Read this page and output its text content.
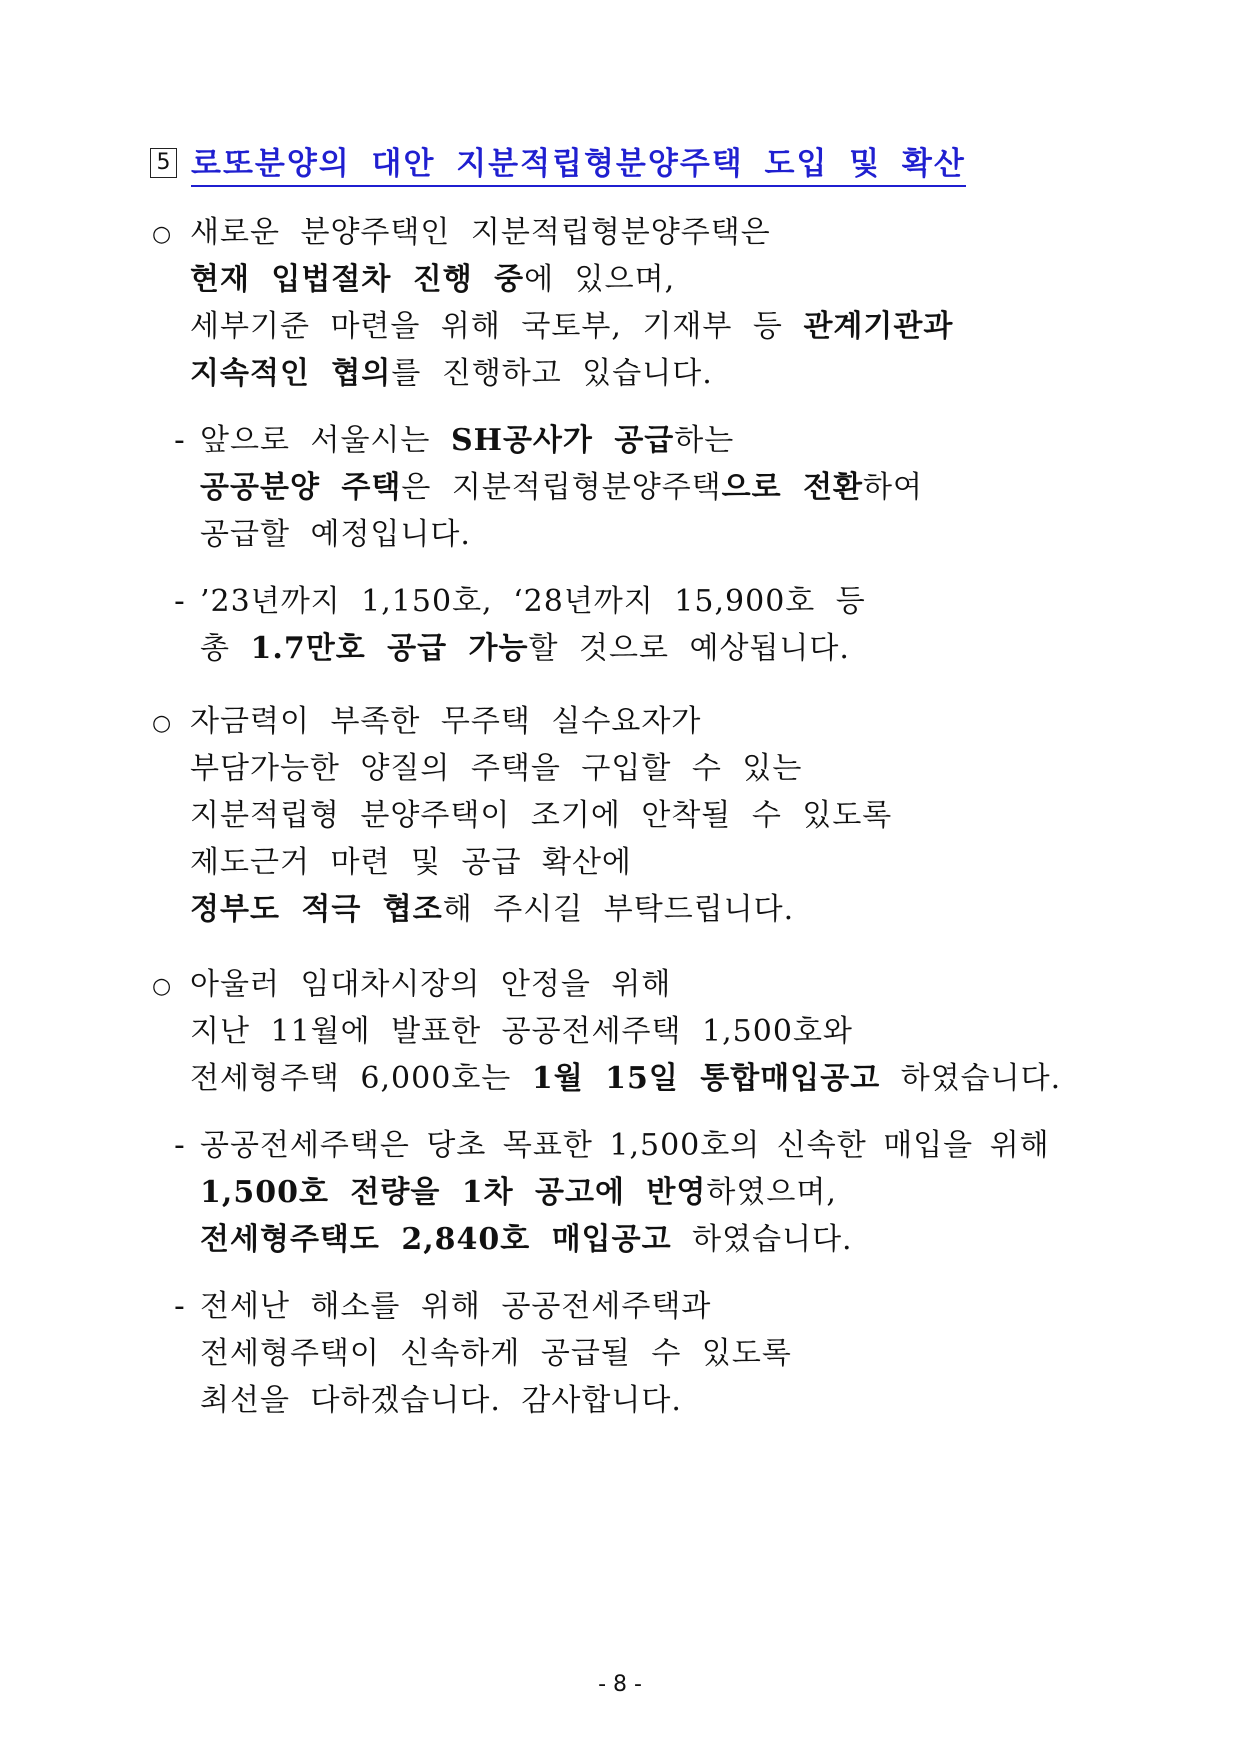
5 로또분양의 대안 지분적립형분양주택 도입 및 확산
○ 새로운 분양주택인 지분적립형분양주택은
현재 입법절차 진행 중에 있으며,
세부기준 마련을 위해 국토부, 기재부 등 관계기관과
지속적인 협의를 진행하고 있습니다.
- 앞으로 서울시는 SH공사가 공급하는
공공분양 주택은 지분적립형분양주택으로 전환하여
공급할 예정입니다.
- ’23년까지 1,150호, ‘28년까지 15,900호 등
총 1.7만호 공급 가능할 것으로 예상됩니다.
○ 자금력이 부족한 무주택 실수요자가
부담가능한 양질의 주택을 구입할 수 있는
지분적립형 분양주택이 조기에 안착될 수 있도록
제도근거 마련 및 공급 확산에
정부도 적극 협조해 주시길 부탁드립니다.
○ 아울러 임대차시장의 안정을 위해
지난 11월에 발표한 공공전세주택 1,500호와
전세형주택 6,000호는 1월 15일 통합매입공고 하였습니다.
- 공공전세주택은 당초 목표한 1,500호의 신속한 매입을 위해
1,500호 전량을 1차 공고에 반영하였으며,
전세형주택도 2,840호 매입공고 하였습니다.
- 전세난 해소를 위해 공공전세주택과
전세형주택이 신속하게 공급될 수 있도록
최선을 다하겠습니다. 감사합니다.
- 8 -
